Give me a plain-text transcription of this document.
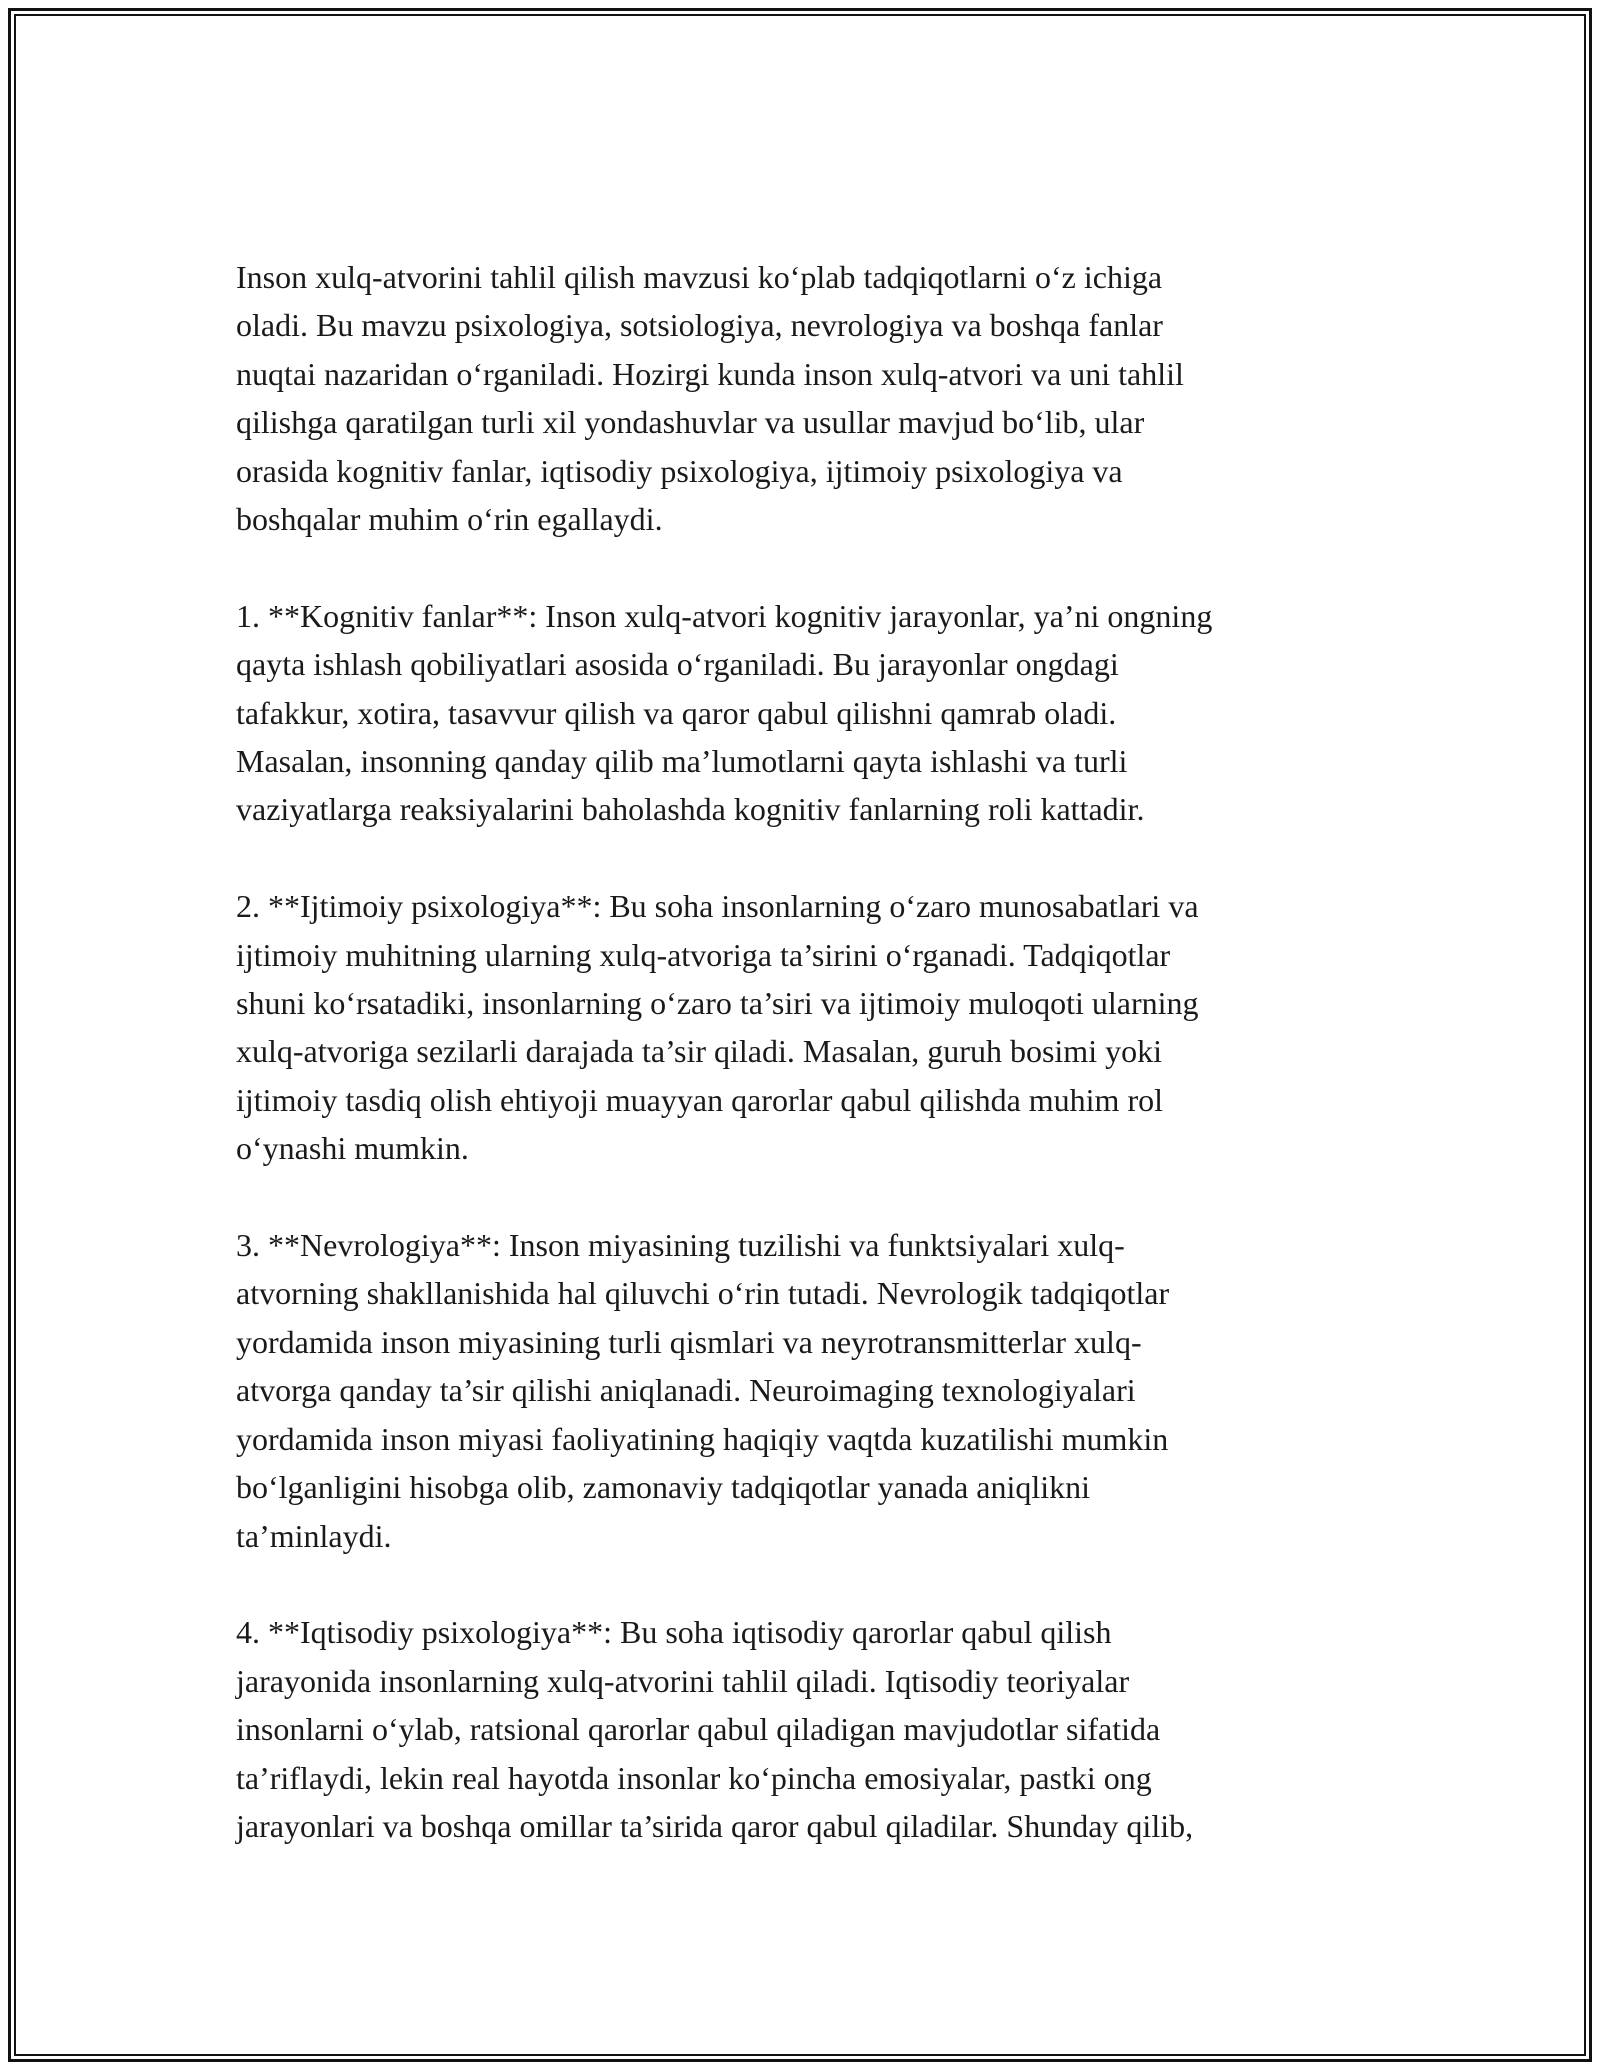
Inson xulq-atvorini tahlil qilish mavzusi koʻplab tadqiqotlarni oʻz ichiga
oladi. Bu mavzu psixologiya, sotsiologiya, nevrologiya va boshqa fanlar
nuqtai nazaridan oʻrganiladi. Hozirgi kunda inson xulq-atvori va uni tahlil
qilishga qaratilgan turli xil yondashuvlar va usullar mavjud boʻlib, ular
orasida kognitiv fanlar, iqtisodiy psixologiya, ijtimoiy psixologiya va
boshqalar muhim oʻrin egallaydi.

1. **Kognitiv fanlar**: Inson xulq-atvori kognitiv jarayonlar, ya’ni ongning
qayta ishlash qobiliyatlari asosida oʻrganiladi. Bu jarayonlar ongdagi
tafakkur, xotira, tasavvur qilish va qaror qabul qilishni qamrab oladi.
Masalan, insonning qanday qilib ma’lumotlarni qayta ishlashi va turli
vaziyatlarga reaksiyalarini baholashda kognitiv fanlarning roli kattadir.

2. **Ijtimoiy psixologiya**: Bu soha insonlarning oʻzaro munosabatlari va
ijtimoiy muhitning ularning xulq-atvoriga ta’sirini oʻrganadi. Tadqiqotlar
shuni koʻrsatadiki, insonlarning oʻzaro ta’siri va ijtimoiy muloqoti ularning
xulq-atvoriga sezilarli darajada ta’sir qiladi. Masalan, guruh bosimi yoki
ijtimoiy tasdiq olish ehtiyoji muayyan qarorlar qabul qilishda muhim rol
oʻynashi mumkin.

3. **Nevrologiya**: Inson miyasining tuzilishi va funktsiyalari xulq-
atvorning shakllanishida hal qiluvchi oʻrin tutadi. Nevrologik tadqiqotlar
yordamida inson miyasining turli qismlari va neyrotransmitterlar xulq-
atvorga qanday ta’sir qilishi aniqlanadi. Neuroimaging texnologiyalari
yordamida inson miyasi faoliyatining haqiqiy vaqtda kuzatilishi mumkin
boʻlganligini hisobga olib, zamonaviy tadqiqotlar yanada aniqlikni
ta’minlaydi.

4. **Iqtisodiy psixologiya**: Bu soha iqtisodiy qarorlar qabul qilish
jarayonida insonlarning xulq-atvorini tahlil qiladi. Iqtisodiy teoriyalar
insonlarni oʻylab, ratsional qarorlar qabul qiladigan mavjudotlar sifatida
ta’riflaydi, lekin real hayotda insonlar koʻpincha emosiyalar, pastki ong
jarayonlari va boshqa omillar ta’sirida qaror qabul qiladilar. Shunday qilib,
